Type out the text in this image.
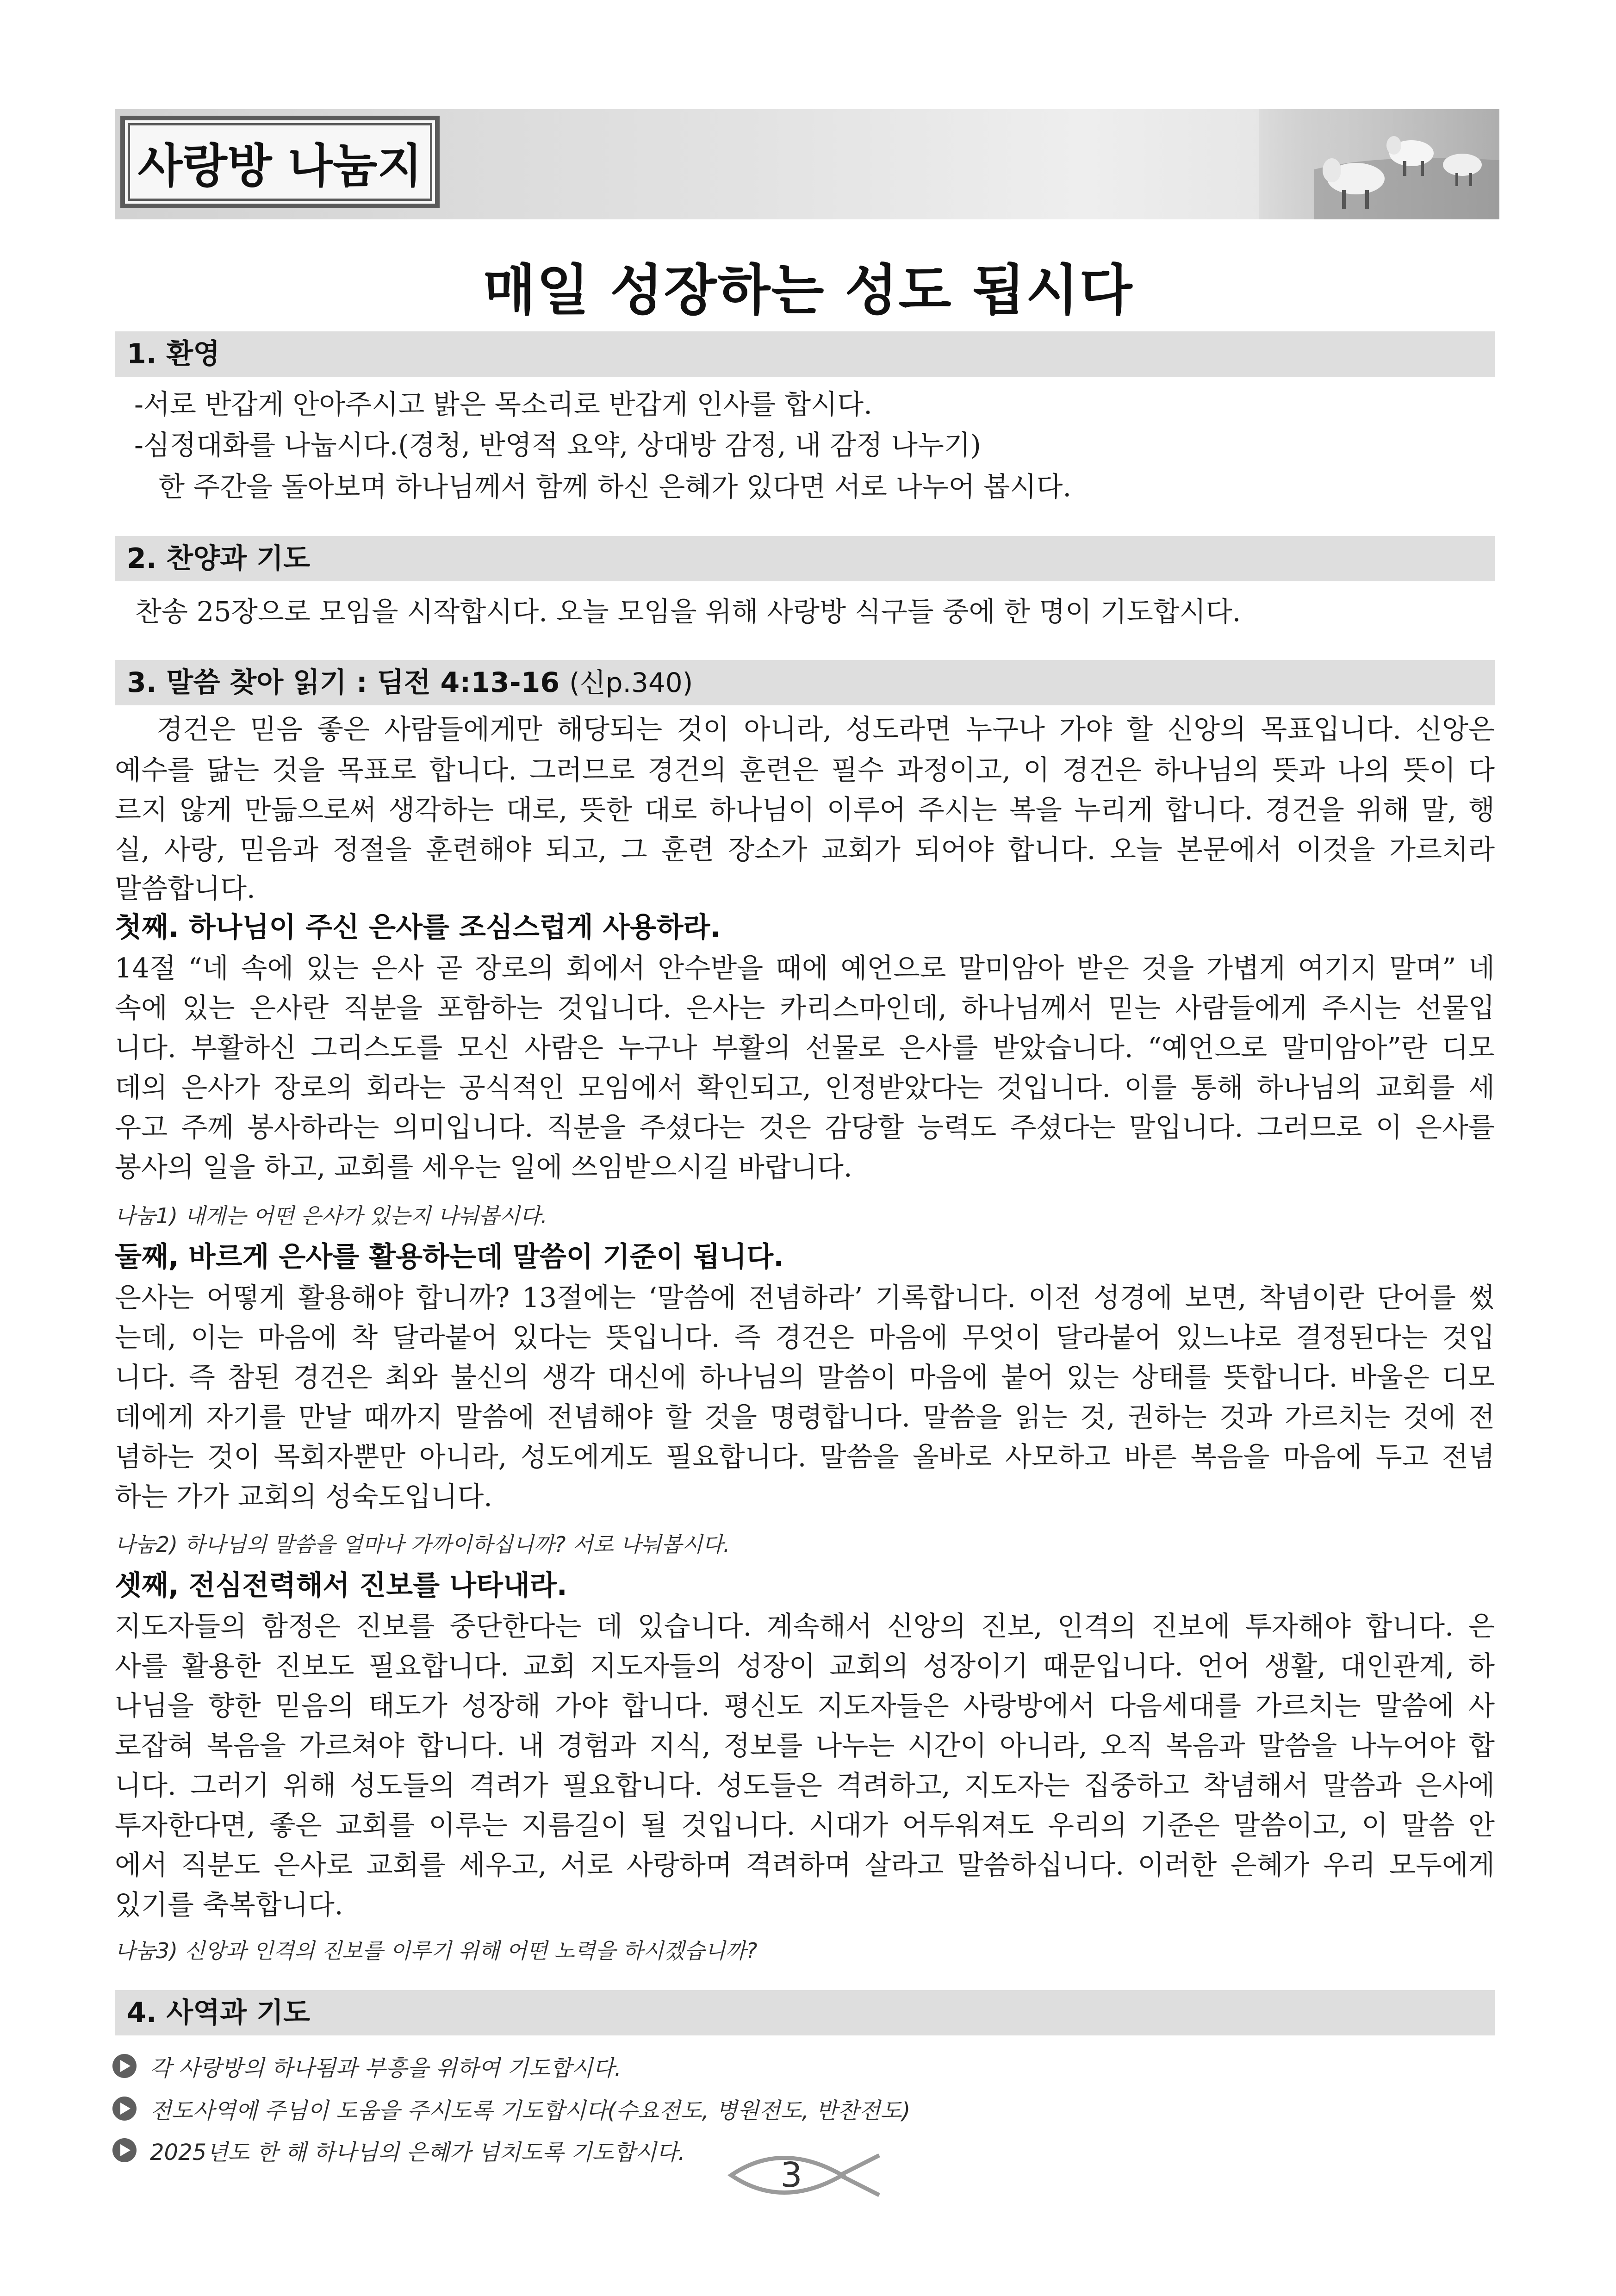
사랑방 나눔지
매일 성장하는 성도 됩시다
1. 환영
-서로 반갑게 안아주시고 밝은 목소리로 반갑게 인사를 합시다.
-심정대화를 나눕시다.(경청, 반영적 요약, 상대방 감정, 내 감정 나누기)
한 주간을 돌아보며 하나님께서 함께 하신 은혜가 있다면 서로 나누어 봅시다.
2. 찬양과 기도
찬송 25장으로 모임을 시작합시다. 오늘 모임을 위해 사랑방 식구들 중에 한 명이 기도합시다.
3. 말씀 찾아 읽기 : 딤전 4:13-16 (신p.340)
경건은 믿음 좋은 사람들에게만 해당되는 것이 아니라, 성도라면 누구나 가야 할 신앙의 목표입니다. 신앙은
예수를 닮는 것을 목표로 합니다. 그러므로 경건의 훈련은 필수 과정이고, 이 경건은 하나님의 뜻과 나의 뜻이 다
르지 않게 만듦으로써 생각하는 대로, 뜻한 대로 하나님이 이루어 주시는 복을 누리게 합니다. 경건을 위해 말, 행
실, 사랑, 믿음과 정절을 훈련해야 되고, 그 훈련 장소가 교회가 되어야 합니다. 오늘 본문에서 이것을 가르치라
말씀합니다.
첫째. 하나님이 주신 은사를 조심스럽게 사용하라.
14절 “네 속에 있는 은사 곧 장로의 회에서 안수받을 때에 예언으로 말미암아 받은 것을 가볍게 여기지 말며” 네
속에 있는 은사란 직분을 포함하는 것입니다. 은사는 카리스마인데, 하나님께서 믿는 사람들에게 주시는 선물입
니다. 부활하신 그리스도를 모신 사람은 누구나 부활의 선물로 은사를 받았습니다. “예언으로 말미암아”란 디모
데의 은사가 장로의 회라는 공식적인 모임에서 확인되고, 인정받았다는 것입니다. 이를 통해 하나님의 교회를 세
우고 주께 봉사하라는 의미입니다. 직분을 주셨다는 것은 감당할 능력도 주셨다는 말입니다. 그러므로 이 은사를
봉사의 일을 하고, 교회를 세우는 일에 쓰임받으시길 바랍니다.
나눔1) 내게는 어떤 은사가 있는지 나눠봅시다.
둘째, 바르게 은사를 활용하는데 말씀이 기준이 됩니다.
은사는 어떻게 활용해야 합니까? 13절에는 ‘말씀에 전념하라’ 기록합니다. 이전 성경에 보면, 착념이란 단어를 썼
는데, 이는 마음에 착 달라붙어 있다는 뜻입니다. 즉 경건은 마음에 무엇이 달라붙어 있느냐로 결정된다는 것입
니다. 즉 참된 경건은 최와 불신의 생각 대신에 하나님의 말씀이 마음에 붙어 있는 상태를 뜻합니다. 바울은 디모
데에게 자기를 만날 때까지 말씀에 전념해야 할 것을 명령합니다. 말씀을 읽는 것, 권하는 것과 가르치는 것에 전
념하는 것이 목회자뿐만 아니라, 성도에게도 필요합니다. 말씀을 올바로 사모하고 바른 복음을 마음에 두고 전념
하는 가가 교회의 성숙도입니다.
나눔2) 하나님의 말씀을 얼마나 가까이하십니까? 서로 나눠봅시다.
셋째, 전심전력해서 진보를 나타내라.
지도자들의 함정은 진보를 중단한다는 데 있습니다. 계속해서 신앙의 진보, 인격의 진보에 투자해야 합니다. 은
사를 활용한 진보도 필요합니다. 교회 지도자들의 성장이 교회의 성장이기 때문입니다. 언어 생활, 대인관계, 하
나님을 향한 믿음의 태도가 성장해 가야 합니다. 평신도 지도자들은 사랑방에서 다음세대를 가르치는 말씀에 사
로잡혀 복음을 가르쳐야 합니다. 내 경험과 지식, 정보를 나누는 시간이 아니라, 오직 복음과 말씀을 나누어야 합
니다. 그러기 위해 성도들의 격려가 필요합니다. 성도들은 격려하고, 지도자는 집중하고 착념해서 말씀과 은사에
투자한다면, 좋은 교회를 이루는 지름길이 될 것입니다. 시대가 어두워져도 우리의 기준은 말씀이고, 이 말씀 안
에서 직분도 은사로 교회를 세우고, 서로 사랑하며 격려하며 살라고 말씀하십니다. 이러한 은혜가 우리 모두에게
있기를 축복합니다.
나눔3) 신앙과 인격의 진보를 이루기 위해 어떤 노력을 하시겠습니까?
4. 사역과 기도
각 사랑방의 하나됨과 부흥을 위하여 기도합시다.
전도사역에 주님이 도움을 주시도록 기도합시다(수요전도, 병원전도, 반찬전도)
2025년도 한 해 하나님의 은혜가 넘치도록 기도합시다.
3
